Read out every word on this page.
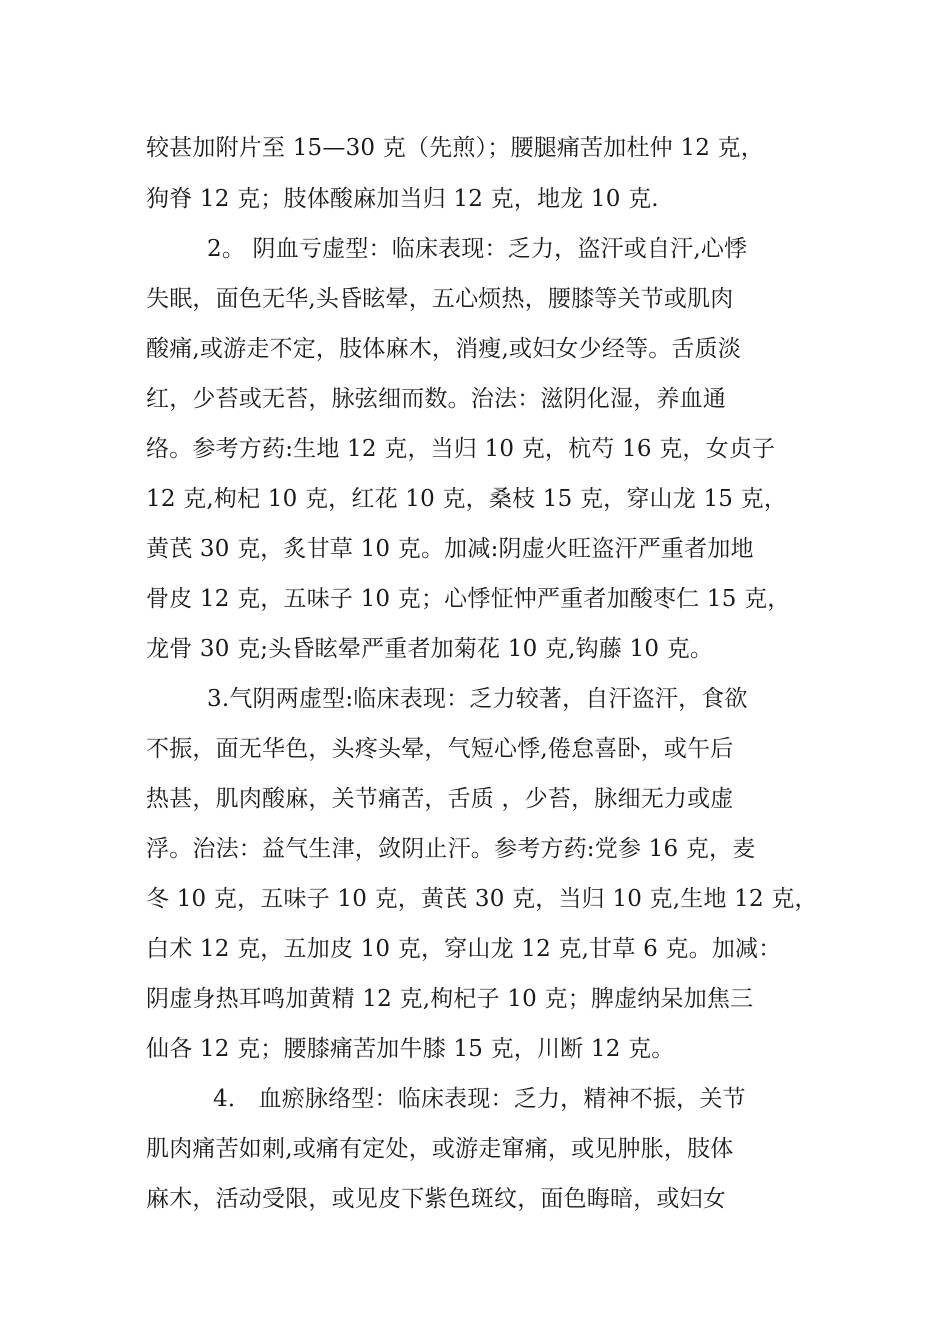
较甚加附片至 15—30 克（先煎）；腰腿痛苦加杜仲 12 克，
狗脊 12 克；肢体酸麻加当归 12 克，地龙 10 克.
2。 阴血亏虚型：临床表现：乏力，盗汗或自汗,心悸
失眠，面色无华,头昏眩晕，五心烦热，腰膝等关节或肌肉
酸痛,或游走不定，肢体麻木，消瘦,或妇女少经等。舌质淡
红，少苔或无苔，脉弦细而数。治法：滋阴化湿，养血通
络。参考方药:生地 12 克，当归 10 克，杭芍 16 克，女贞子
12 克,枸杞 10 克，红花 10 克，桑枝 15 克，穿山龙 15 克，
黄芪 30 克，炙甘草 10 克。加减:阴虚火旺盗汗严重者加地
骨皮 12 克，五味子 10 克；心悸怔忡严重者加酸枣仁 15 克，
龙骨 30 克;头昏眩晕严重者加菊花 10 克,钩藤 10 克。
3.气阴两虚型:临床表现：乏力较著，自汗盗汗，食欲
不振，面无华色，头疼头晕，气短心悸,倦怠喜卧，或午后
热甚，肌肉酸麻，关节痛苦，舌质 ，少苔，脉细无力或虚
浮。治法：益气生津，敛阴止汗。参考方药:党参 16 克，麦
冬 10 克，五味子 10 克，黄芪 30 克，当归 10 克,生地 12 克，
白术 12 克，五加皮 10 克，穿山龙 12 克,甘草 6 克。加减：
阴虚身热耳鸣加黄精 12 克,枸杞子 10 克；脾虚纳呆加焦三
仙各 12 克；腰膝痛苦加牛膝 15 克，川断 12 克。
4． 血瘀脉络型：临床表现：乏力，精神不振，关节
肌肉痛苦如刺,或痛有定处，或游走窜痛，或见肿胀，肢体
麻木，活动受限，或见皮下紫色斑纹，面色晦暗，或妇女
